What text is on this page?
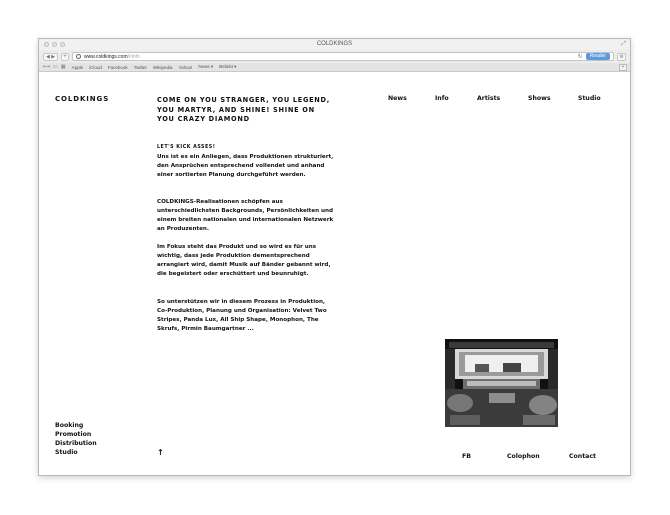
COLDKINGS	⤢
◀ ▶	+	www.coldkings.com /#info	↻	Reader	⚙
⟷ ▭ ▦ Apple iCloud Facebook Twitter Wikipedia Yahoo! News ▾ Beliebt ▾	+
COLDKINGS	COME ON YOU STRANGER, YOU LEGEND, YOU MARTYR, AND SHINE! SHINE ON YOU CRAZY DIAMOND
News	Info	Artists	Shows	Studio
LET'S KICK ASSES!

Uns ist es ein Anliegen, dass Produktionen strukturiert, den Ansprüchen entsprechend vollendet und anhand einer sortierten Planung durchgeführt werden.

COLDKINGS-Realisationen schöpfen aus unterschiedlichsten Backgrounds, Persönlichkeiten und einem breiten nationalen und internationalen Netzwerk an Produzenten.

Im Fokus steht das Produkt und so wird es für uns wichtig, dass jede Produktion dementsprechend arrangiert wird, damit Musik auf Bänder gebannt wird, die begeistert oder erschüttert und beunruhigt.

So unterstützen wir in diesem Prozess in Produktion, Co-Produktion, Planung und Organisation: Velvet Two Stripes, Panda Lux, All Ship Shape, Monophon, The Skrufs, Pirmin Baumgartner ...

Booking
Promotion
Distribution
Studio	↑	FB	Colophon	Contact
